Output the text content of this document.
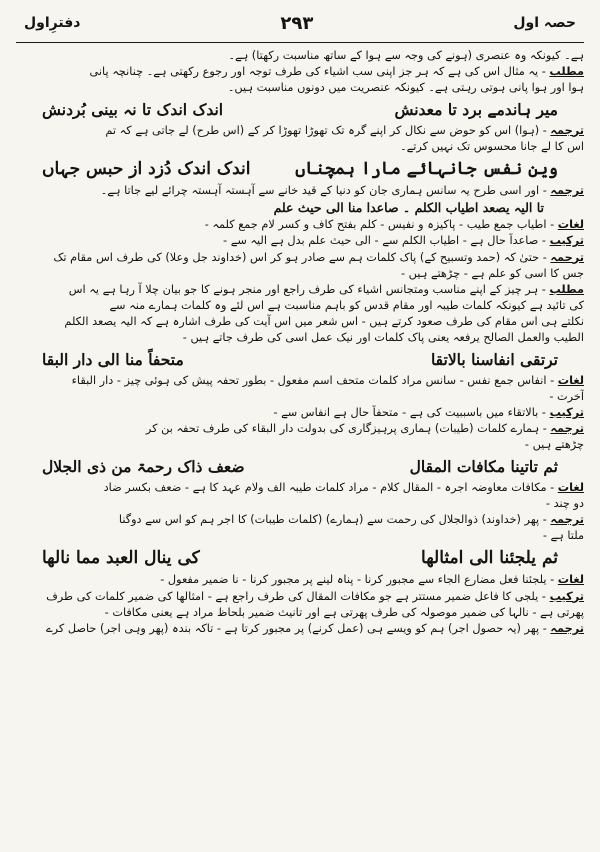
دفترِاول	۲۹۳	حصہ اول
ہے۔ کیونکہ وہ عنصری (ہونے کی وجہ سے ہوا کے ساتھ مناسبت رکھتا) ہے۔
مطلب - یہ مثال اس کی ہے کہ ہر جز اپنی سب اشیاء کی طرف توجہ اور رجوع رکھتی ہے۔ چنانچہ پانی
ہوا اور ہوا پانی ہوتی رہتی ہے۔ کیونکہ عنصریت میں دونوں مناسبت ہیں۔
میر ہاندمے برد تا معدنش
اندک اندک تا نہ بینی بُردنش
ترجمہ - (ہوا) اس کو حوض سے نکال کر اپنے گرہ تک تھوڑا تھوڑا کر کے (اس طرح) لے جاتی ہے کہ تم
اس کا لے جانا محسوس تک نہیں کرتے۔
وین نفس جانہائے مارا ہمچناں
اندک اندک دُزد از حبس جہاں
ترجمہ - اور اسی طرح یہ سانس ہماری جان کو دنیا کے قید خانے سے آہستہ آہستہ چرائے لیے جاتا ہے۔
تا الیہ یصعد اطیاب الکلم ۔ صاعدا منا الی حیث علم
لغات - اطیاب جمع طیب - پاکیزہ و نفیس - کلم بفتح کاف و کسر لام جمع کلمہ -
ترکیب - صاعداً حال ہے - اطیاب الکلم سے - الی حیث علم بدل ہے الیہ سے -
ترجمہ - حتیٰ کہ (حمد وتسبیح کے) پاک کلمات ہم سے صادر ہو کر اس (خداوند جل وعلا) کی طرف اس مقام تک
جس کا اسی کو علم ہے - چڑھتے ہیں -
مطلب - ہر چیز کے اپنے مناسب ومتجانس اشیاء کی طرف راجع اور منجر ہونے کا جو بیان چلا آ رہا ہے یہ اس
کی تائید ہے کیونکہ کلمات طیبہ اور مقام قدس کو باہم مناسبت ہے اس لئے وہ کلمات ہمارے منہ سے
نکلتے ہی اس مقام کی طرف صعود کرتے ہیں - اس شعر میں اس آیت کی طرف اشارہ ہے کہ الیہ یصعد الکلم
الطیب والعمل الصالح یرفعہ یعنی پاک کلمات اور نیک عمل اسی کی طرف جاتے ہیں -
ترتقی انفاسنا بالاتقا
متحفاً منا الی دار البقا
لغات - انفاس جمع نفس - سانس مراد کلمات متحف اسم مفعول - بطور تحفہ پیش کی ہوئی چیز - دار البقاء
آخرت -
ترکیب - بالاتقاء میں باسببیت کی ہے - متحفاً حال ہے انفاس سے -
ترجمہ - ہمارے کلمات (طیبات) ہماری پرہیزگاری کی بدولت دار البقاء کی طرف تحفہ بن کر
چڑھتے ہیں -
ثم تاتینا مکافات المقال
ضعف ذاک رحمۃ من ذی الجلال
لغات - مکافات معاوضہ اجرہ - المقال کلام - مراد کلمات طیبہ الف ولام عہد کا ہے - ضعف بکسر ضاد
دو چند -
ترجمہ - پھر (خداوند) ذوالجلال کی رحمت سے (ہمارے) (کلمات طیبات) کا اجر ہم کو اس سے دوگنا
ملتا ہے -
ثم یلجئنا الی امثالھا
کی ینال العبد مما نالھا
لغات - یلجئنا فعل مضارع الجاء سے مجبور کرنا - پناہ لینے پر مجبور کرنا - نا ضمیر مفعول -
ترکیب - یلجی کا فاعل ضمیر مستتر ہے جو مکافات المقال کی طرف راجع ہے - امثالھا کی ضمیر کلمات کی طرف
پھرتی ہے - نالہا کی ضمیر موصولہ کی طرف پھرتی ہے اور تانیث ضمیر بلحاظ مراد ہے یعنی مکافات -
ترجمہ - پھر (یہ حصول اجر) ہم کو ویسے ہی (عمل کرنے) پر مجبور کرتا ہے - تاکہ بندہ (پھر وہی اجر) حاصل کرے
